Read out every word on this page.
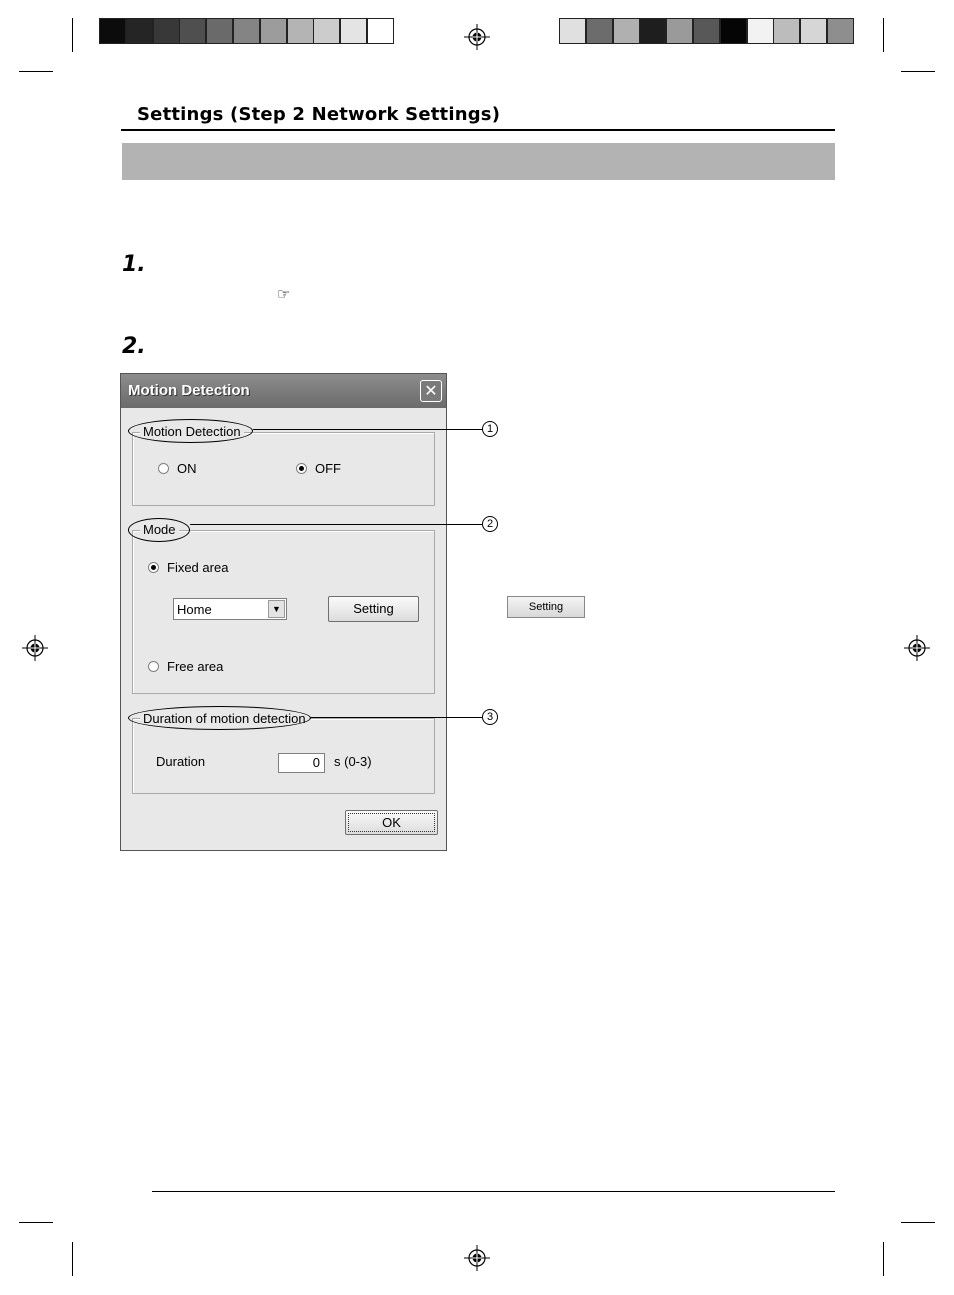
Settings (Step 2 Network Settings)
1.
☞
2.
Motion Detection	✕
Motion Detection
ON	OFF
Mode
Fixed area
Home	▼	Setting
Free area
Duration of motion detection
Duration	0	s (0-3)
OK
1
2
3
Setting
